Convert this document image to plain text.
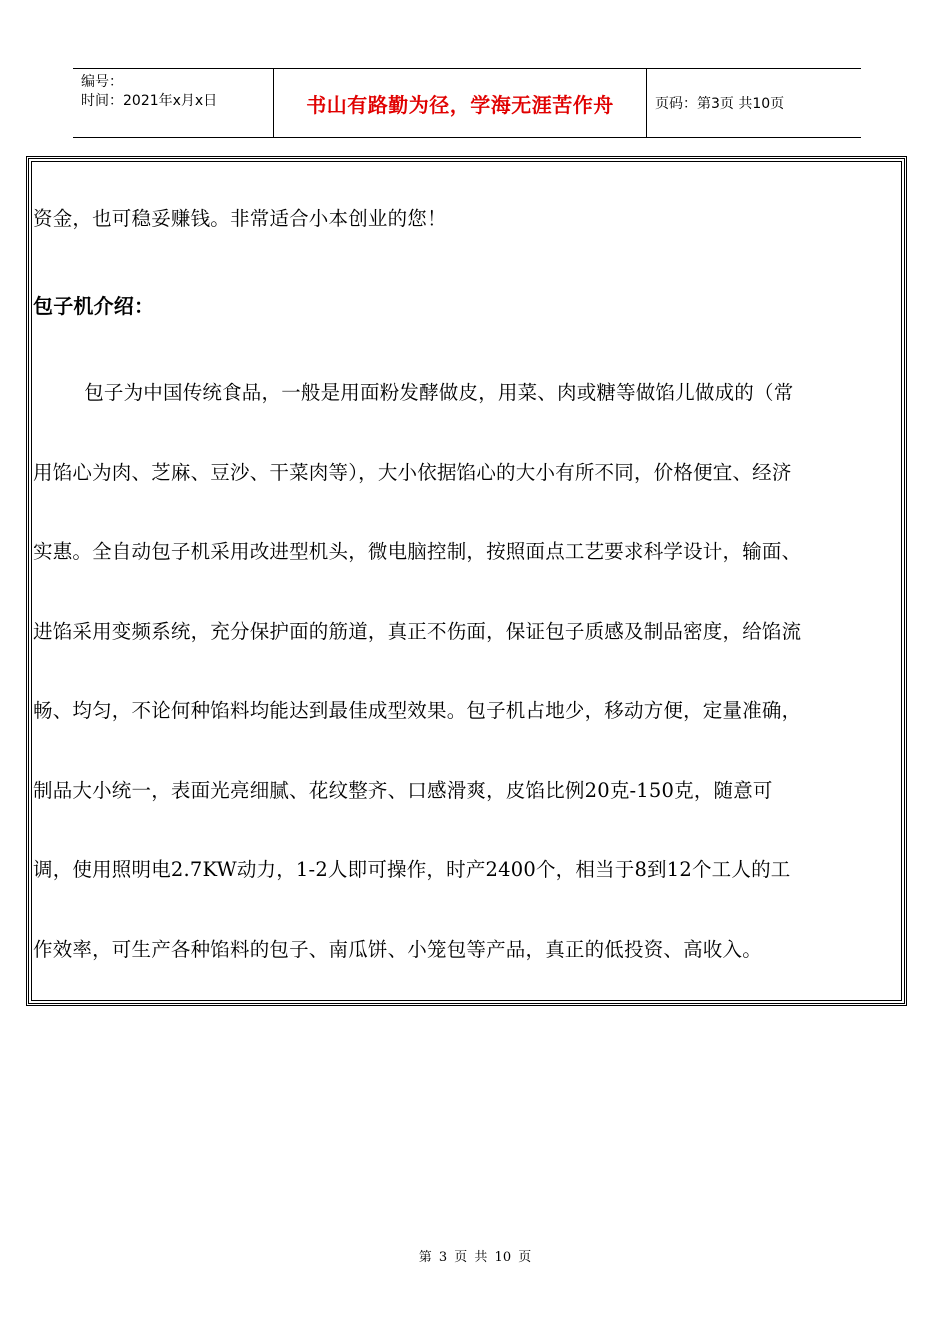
编号：
时间：2021年x月x日	书山有路勤为径，学海无涯苦作舟	页码：第3页 共10页
资金，也可稳妥赚钱。非常适合小本创业的您！
包子机介绍：
包子为中国传统食品，一般是用面粉发酵做皮，用菜、肉或糖等做馅儿做成的（常
用馅心为肉、芝麻、豆沙、干菜肉等），大小依据馅心的大小有所不同，价格便宜、经济
实惠。全自动包子机采用改进型机头，微电脑控制，按照面点工艺要求科学设计，输面、
进馅采用变频系统，充分保护面的筋道，真正不伤面，保证包子质感及制品密度，给馅流
畅、均匀，不论何种馅料均能达到最佳成型效果。包子机占地少，移动方便，定量准确，
制品大小统一，表面光亮细腻、花纹整齐、口感滑爽，皮馅比例20克-150克，随意可
调，使用照明电2.7KW动力，1-2人即可操作，时产2400个，相当于8到12个工人的工
作效率，可生产各种馅料的包子、南瓜饼、小笼包等产品，真正的低投资、高收入。
第 3 页 共 10 页
